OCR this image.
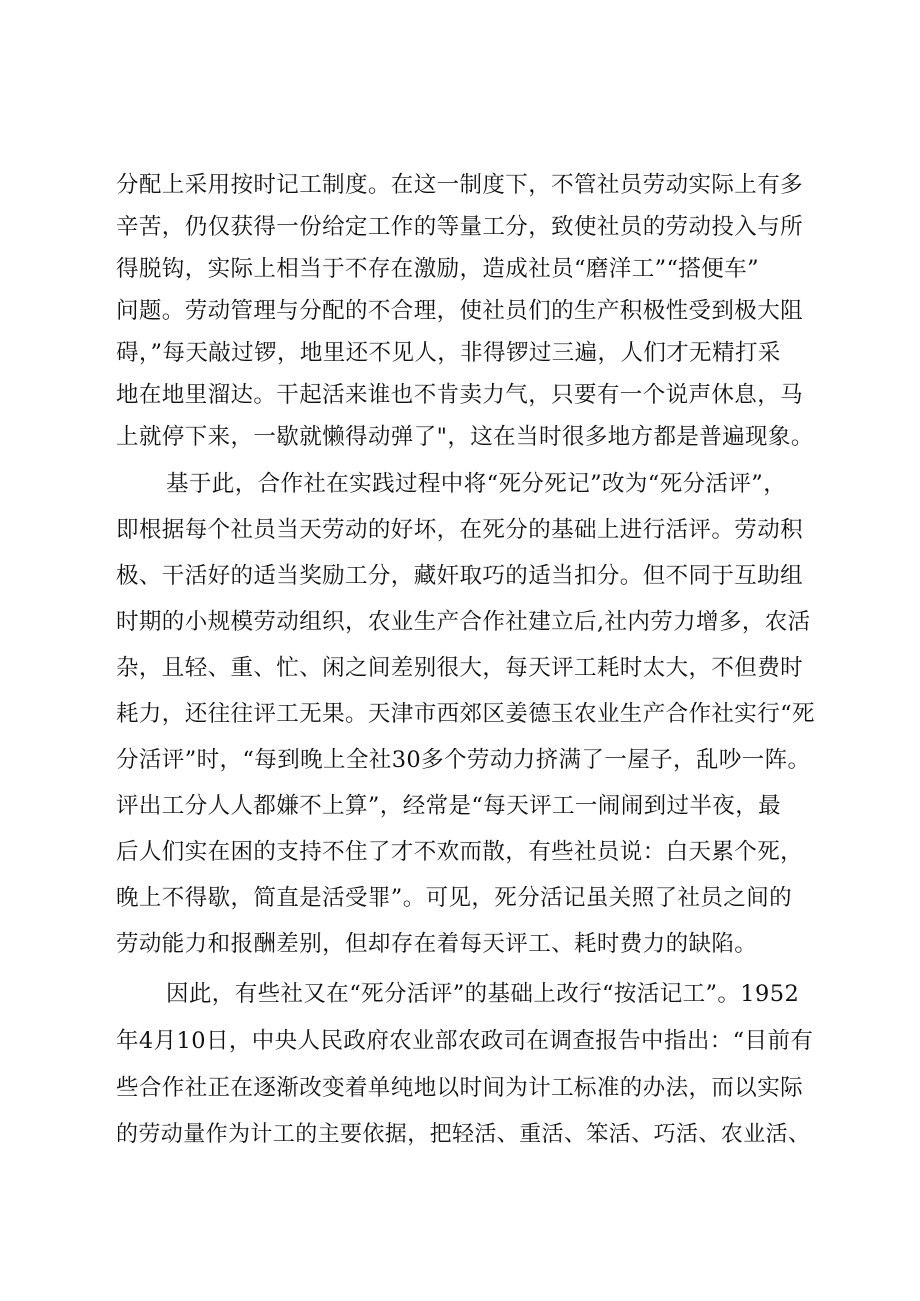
分配上采用按时记工制度。在这一制度下，不管社员劳动实际上有多
辛苦，仍仅获得一份给定工作的等量工分，致使社员的劳动投入与所
得脱钩，实际上相当于不存在激励，造成社员“磨洋工”“搭便车”
问题。劳动管理与分配的不合理，使社员们的生产积极性受到极大阻
碍，”每天敲过锣，地里还不见人，非得锣过三遍，人们才无精打采
地在地里溜达。干起活来谁也不肯卖力气，只要有一个说声休息，马
上就停下来，一歇就懒得动弹了"，这在当时很多地方都是普遍现象。
基于此，合作社在实践过程中将“死分死记”改为“死分活评”，
即根据每个社员当天劳动的好坏，在死分的基础上进行活评。劳动积
极、干活好的适当奖励工分，藏奸取巧的适当扣分。但不同于互助组
时期的小规模劳动组织，农业生产合作社建立后,社内劳力增多，农活
杂，且轻、重、忙、闲之间差别很大，每天评工耗时太大，不但费时
耗力，还往往评工无果。天津市西郊区姜德玉农业生产合作社实行“死
分活评”时，“每到晚上全社30多个劳动力挤满了一屋子，乱吵一阵。
评出工分人人都嫌不上算”，经常是“每天评工一闹闹到过半夜，最
后人们实在困的支持不住了才不欢而散，有些社员说：白天累个死，
晚上不得歇，简直是活受罪”。可见，死分活记虽关照了社员之间的
劳动能力和报酬差别，但却存在着每天评工、耗时费力的缺陷。
因此，有些社又在“死分活评”的基础上改行“按活记工”。1952
年4月10日，中央人民政府农业部农政司在调查报告中指出：“目前有
些合作社正在逐渐改变着单纯地以时间为计工标准的办法，而以实际
的劳动量作为计工的主要依据，把轻活、重活、笨活、巧活、农业活、
